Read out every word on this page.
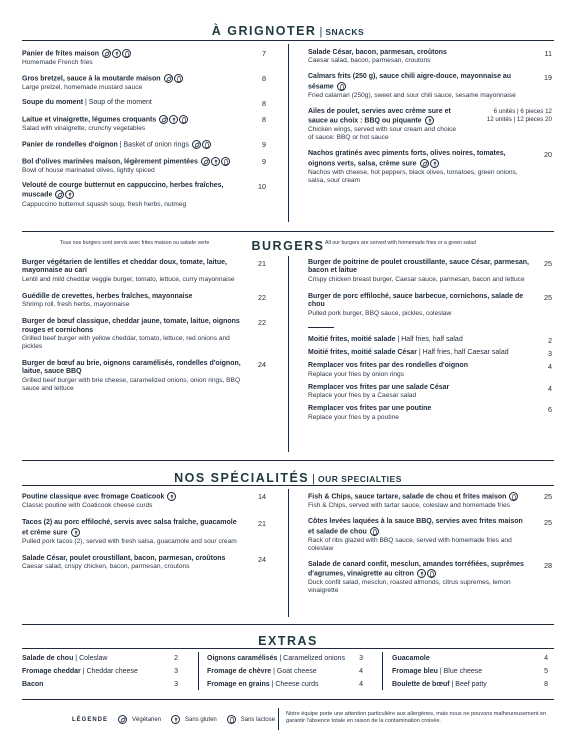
À GRIGNOTER | SNACKS
Panier de frites maison
Homemade French fries
7
Gros bretzel, sauce à la moutarde maison
Large pretzel, homemade mustard sauce
8
Soupe du moment | Soup of the moment	8
Laitue et vinaigrette, légumes croquants
Salad with vinaigrette, crunchy vegetables
8
Panier de rondelles d'oignon | Basket of onion rings	9
Bol d'olives marinées maison, légèrement pimentées
Bowl of house marinated olives, lightly spiced
9
Velouté de courge butternut en cappuccino, herbes fraîches, muscade
Cappuccino butternut squash soup, fresh herbs, nutmeg
10
Salade César, bacon, parmesan, croûtons
Caesar salad, bacon, parmesan, croutons
11
Calmars frits (250 g), sauce chili aigre-douce, mayonnaise au sésame
Fried calamari (250g), sweet and sour chili sauce, sesame mayonnaise
19
Ailes de poulet, servies avec crème sure et sauce au choix : BBQ ou piquante
Chicken wings, served with sour cream and choice of sauce: BBQ or hot sauce
6 unités | 6 pieces 12
12 unités | 12 pieces 20
Nachos gratinés avec piments forts, olives noires, tomates, oignons verts, salsa, crème sure
Nachos with cheese, hot peppers, black olives, tomatoes, green onions, salsa, sour cream
20
Tous nos burgers sont servis avec frites maison ou salade verte	BURGERS All our burgers are served with homemade fries or a green salad
Burger végétarien de lentilles et cheddar doux, tomate, laitue, mayonnaise au cari
Lentil and mild cheddar veggie burger, tomato, lettuce, curry mayonnaise
21
Guédille de crevettes, herbes fraîches, mayonnaise
Shrimp roll, fresh herbs, mayonnaise
22
Burger de bœuf classique, cheddar jaune, tomate, laitue, oignons rouges et cornichons
Grilled beef burger with yellow cheddar, tomato, lettuce, red onions and pickles
22
Burger de bœuf au brie, oignons caramélisés, rondelles d'oignon, laitue, sauce BBQ
Grilled beef burger with brie cheese, caramelized onions, onion rings, BBQ sauce and lettuce
24
Burger de poitrine de poulet croustillante, sauce César, parmesan, bacon et laitue
Crispy chicken breast burger, Caesar sauce, parmesan, bacon and lettuce
25
Burger de porc effiloché, sauce barbecue, cornichons, salade de chou
Pulled pork burger, BBQ sauce, pickles, coleslaw
25
Moitié frites, moitié salade | Half fries, half salad	2
Moitié frites, moitié salade César | Half fries, half Caesar salad	3
Remplacer vos frites par des rondelles d'oignon
Replace your fries by onion rings
4
Remplacer vos frites par une salade César
Replace your fries by a Caesar salad
4
Remplacer vos frites par une poutine
Replace your fries by a poutine
6
NOS SPÉCIALITÉS | OUR SPECIALTIES
Poutine classique avec fromage Coaticook
Classic poutine with Coaticook cheese curds
14
Tacos (2) au porc effiloché, servis avec salsa fraîche, guacamole et crème sure
Pulled pork tacos (2), served with fresh salsa, guacamole and sour cream
21
Salade César, poulet croustillant, bacon, parmesan, croûtons
Caesar salad, crispy chicken, bacon, parmesan, croutons
24
Fish & Chips, sauce tartare, salade de chou et frites maison
Fish & Chips, served with tartar sauce, coleslaw and homemade fries
25
Côtes levées laquées à la sauce BBQ, servies avec frites maison et salade de chou
Rack of ribs glazed with BBQ sauce, served with homemade fries and coleslaw
25
Salade de canard confit, mesclun, amandes torréfiées, suprêmes d'agrumes, vinaigrette au citron
Duck confit salad, mesclun, roasted almonds, citrus supremes, lemon vinaigrette
28
EXTRAS
Salade de chou | Coleslaw	2
Fromage cheddar | Cheddar cheese	3
Bacon	3
Oignons caramélisés | Caramelized onions 3
Fromage de chèvre | Goat cheese	4
Fromage en grains | Cheese curds	4
Guacamole	4
Fromage bleu | Blue cheese	5
Boulette de bœuf | Beef patty	8
LÉGENDE	Végétarien	Sans gluten	Sans lactose
Notre équipe porte une attention particulière aux allergènes, mais nous ne pouvons malheureusement en garantir l'absence totale en raison de la contamination croisée.
